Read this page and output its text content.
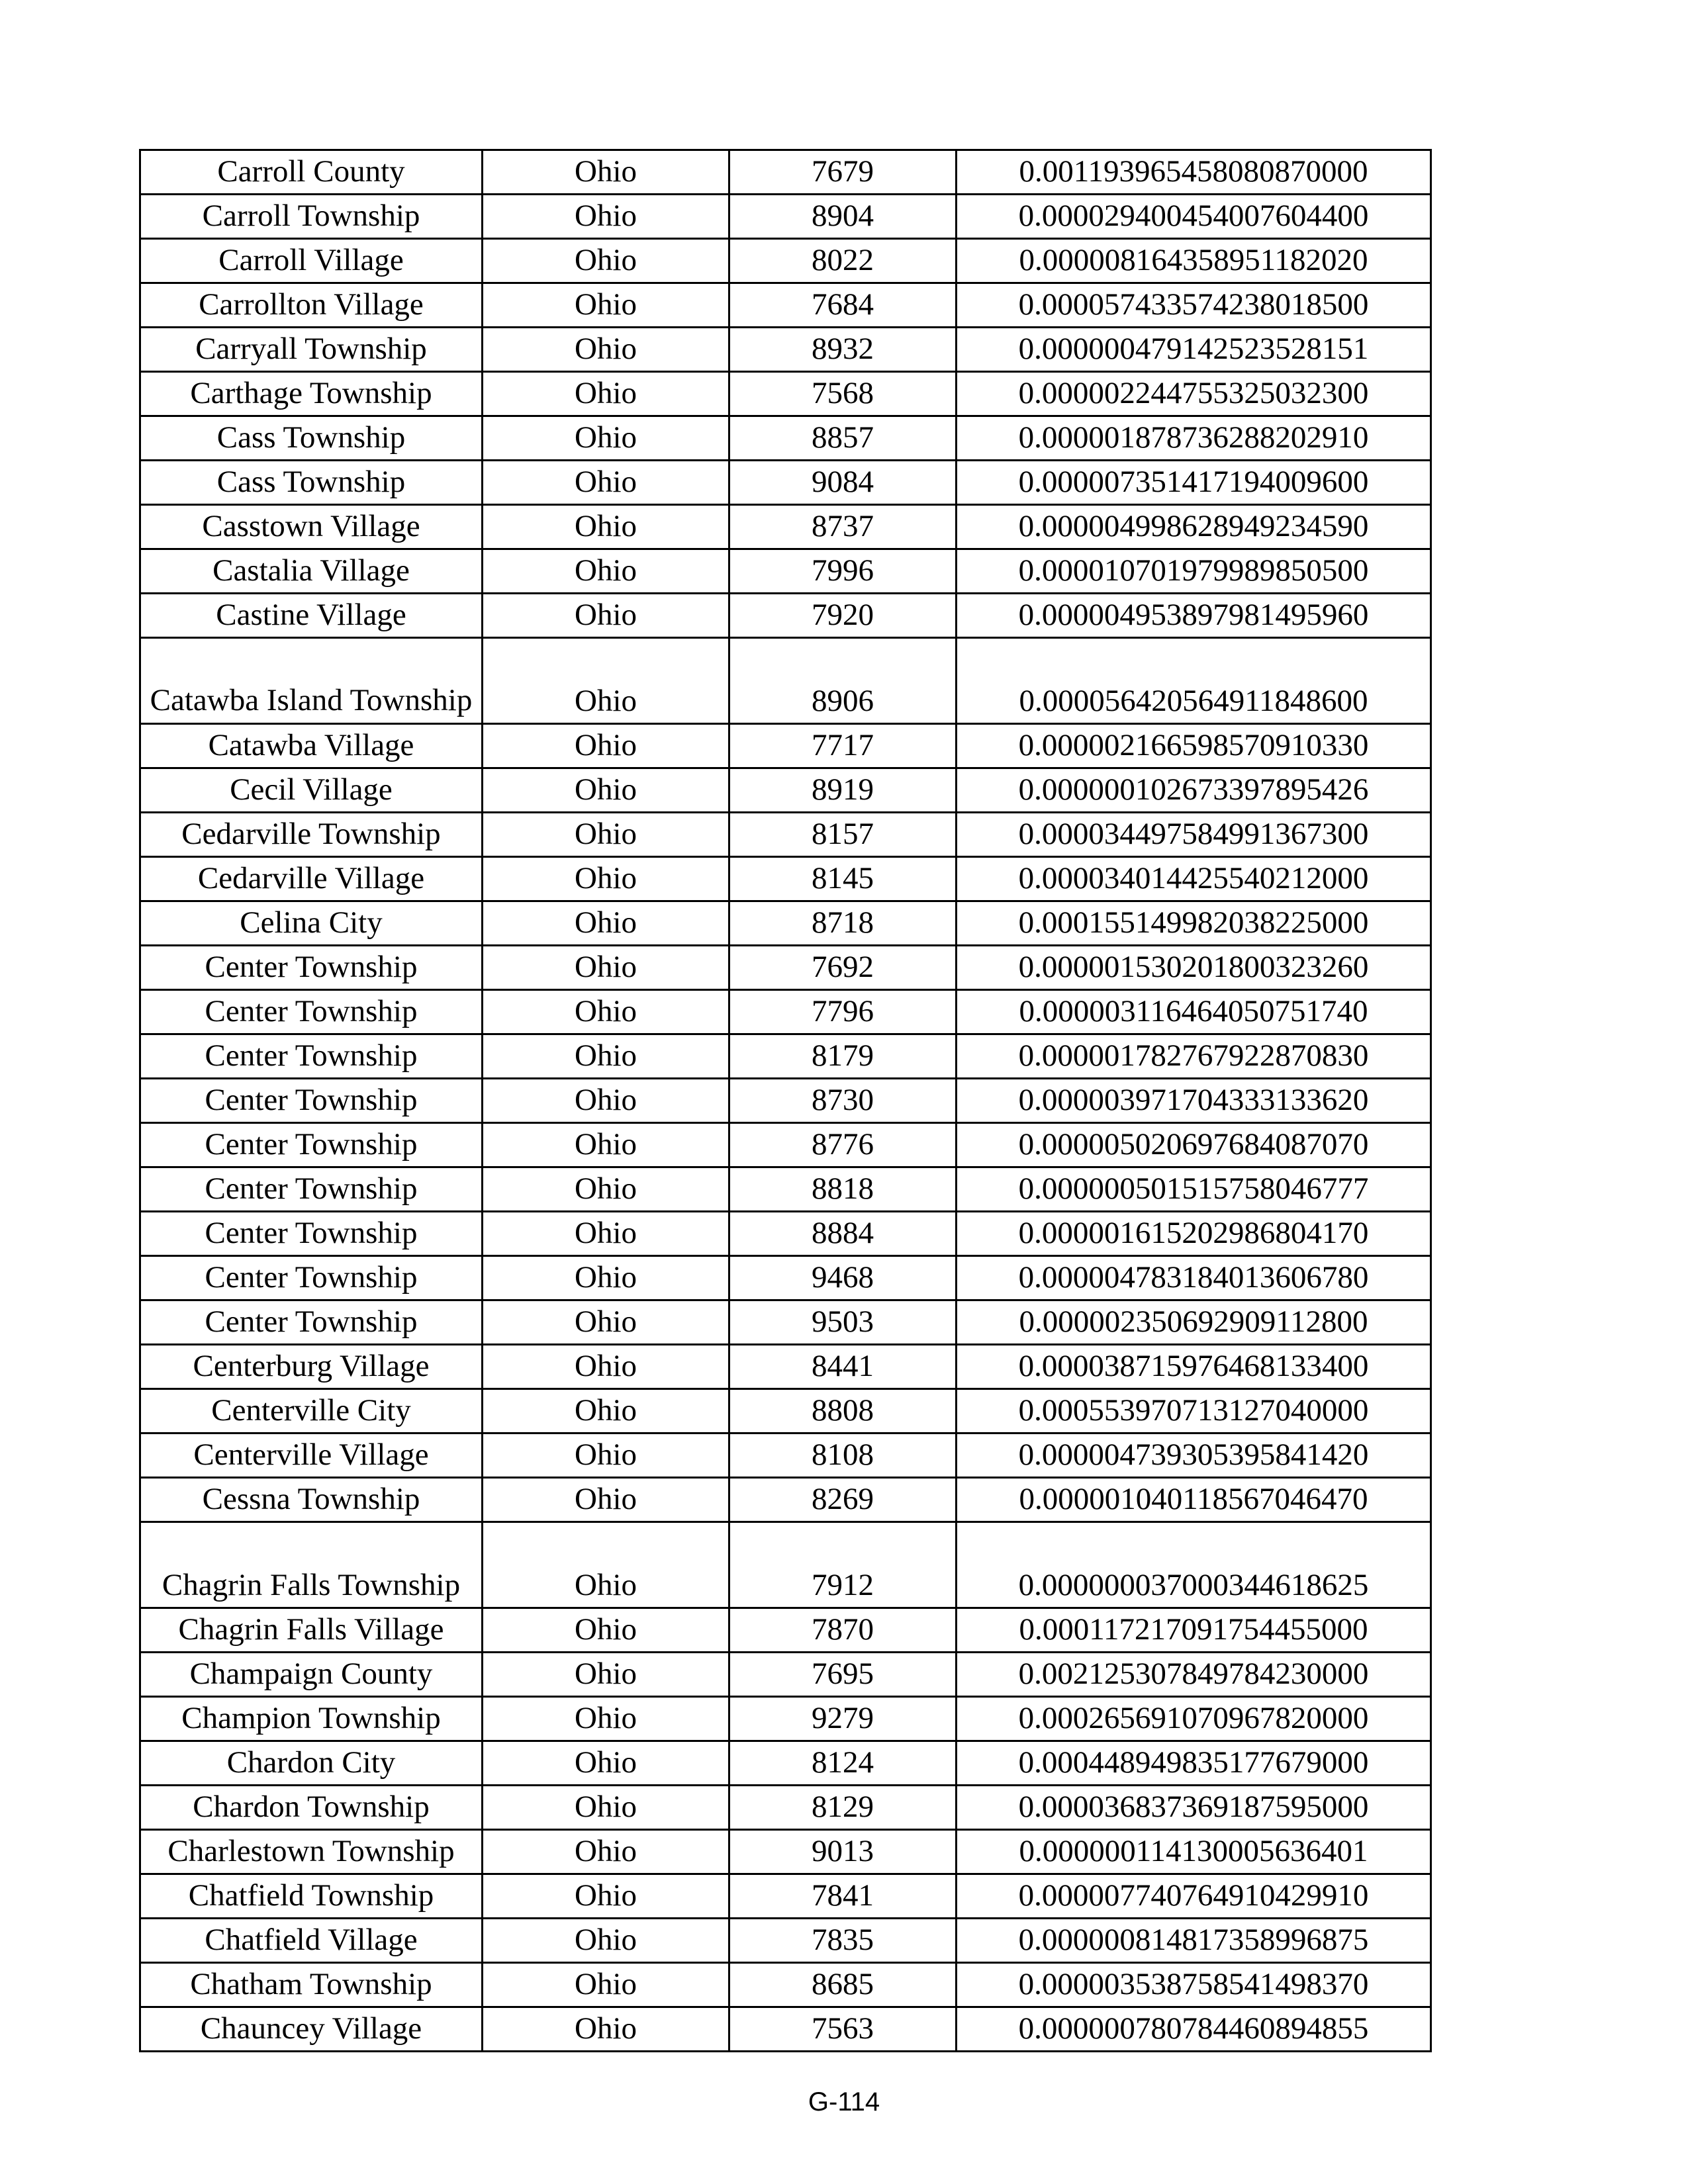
Carroll County	Ohio	7679	0.001193965458080870000
Carroll Township	Ohio	8904	0.000029400454007604400
Carroll Village	Ohio	8022	0.000008164358951182020
Carrollton Village	Ohio	7684	0.000057433574238018500
Carryall Township	Ohio	8932	0.000000479142523528151
Carthage Township	Ohio	7568	0.000002244755325032300
Cass Township	Ohio	8857	0.000001878736288202910
Cass Township	Ohio	9084	0.000007351417194009600
Casstown Village	Ohio	8737	0.000004998628949234590
Castalia Village	Ohio	7996	0.000010701979989850500
Castine Village	Ohio	7920	0.000004953897981495960
Catawba Island Township	Ohio	8906	0.000056420564911848600
Catawba Village	Ohio	7717	0.000002166598570910330
Cecil Village	Ohio	8919	0.000000102673397895426
Cedarville Township	Ohio	8157	0.000034497584991367300
Cedarville Village	Ohio	8145	0.000034014425540212000
Celina City	Ohio	8718	0.000155149982038225000
Center Township	Ohio	7692	0.000001530201800323260
Center Township	Ohio	7796	0.000003116464050751740
Center Township	Ohio	8179	0.000001782767922870830
Center Township	Ohio	8730	0.000003971704333133620
Center Township	Ohio	8776	0.000005020697684087070
Center Township	Ohio	8818	0.000000501515758046777
Center Township	Ohio	8884	0.000001615202986804170
Center Township	Ohio	9468	0.000004783184013606780
Center Township	Ohio	9503	0.000002350692909112800
Centerburg Village	Ohio	8441	0.000038715976468133400
Centerville City	Ohio	8808	0.000553970713127040000
Centerville Village	Ohio	8108	0.000004739305395841420
Cessna Township	Ohio	8269	0.000001040118567046470
Chagrin Falls Township	Ohio	7912	0.000000037000344618625
Chagrin Falls Village	Ohio	7870	0.000117217091754455000
Champaign County	Ohio	7695	0.002125307849784230000
Champion Township	Ohio	9279	0.000265691070967820000
Chardon City	Ohio	8124	0.000448949835177679000
Chardon Township	Ohio	8129	0.000036837369187595000
Charlestown Township	Ohio	9013	0.000000114130005636401
Chatfield Township	Ohio	7841	0.000007740764910429910
Chatfield Village	Ohio	7835	0.000000814817358996875
Chatham Township	Ohio	8685	0.000003538758541498370
Chauncey Village	Ohio	7563	0.000000780784460894855
G-114
